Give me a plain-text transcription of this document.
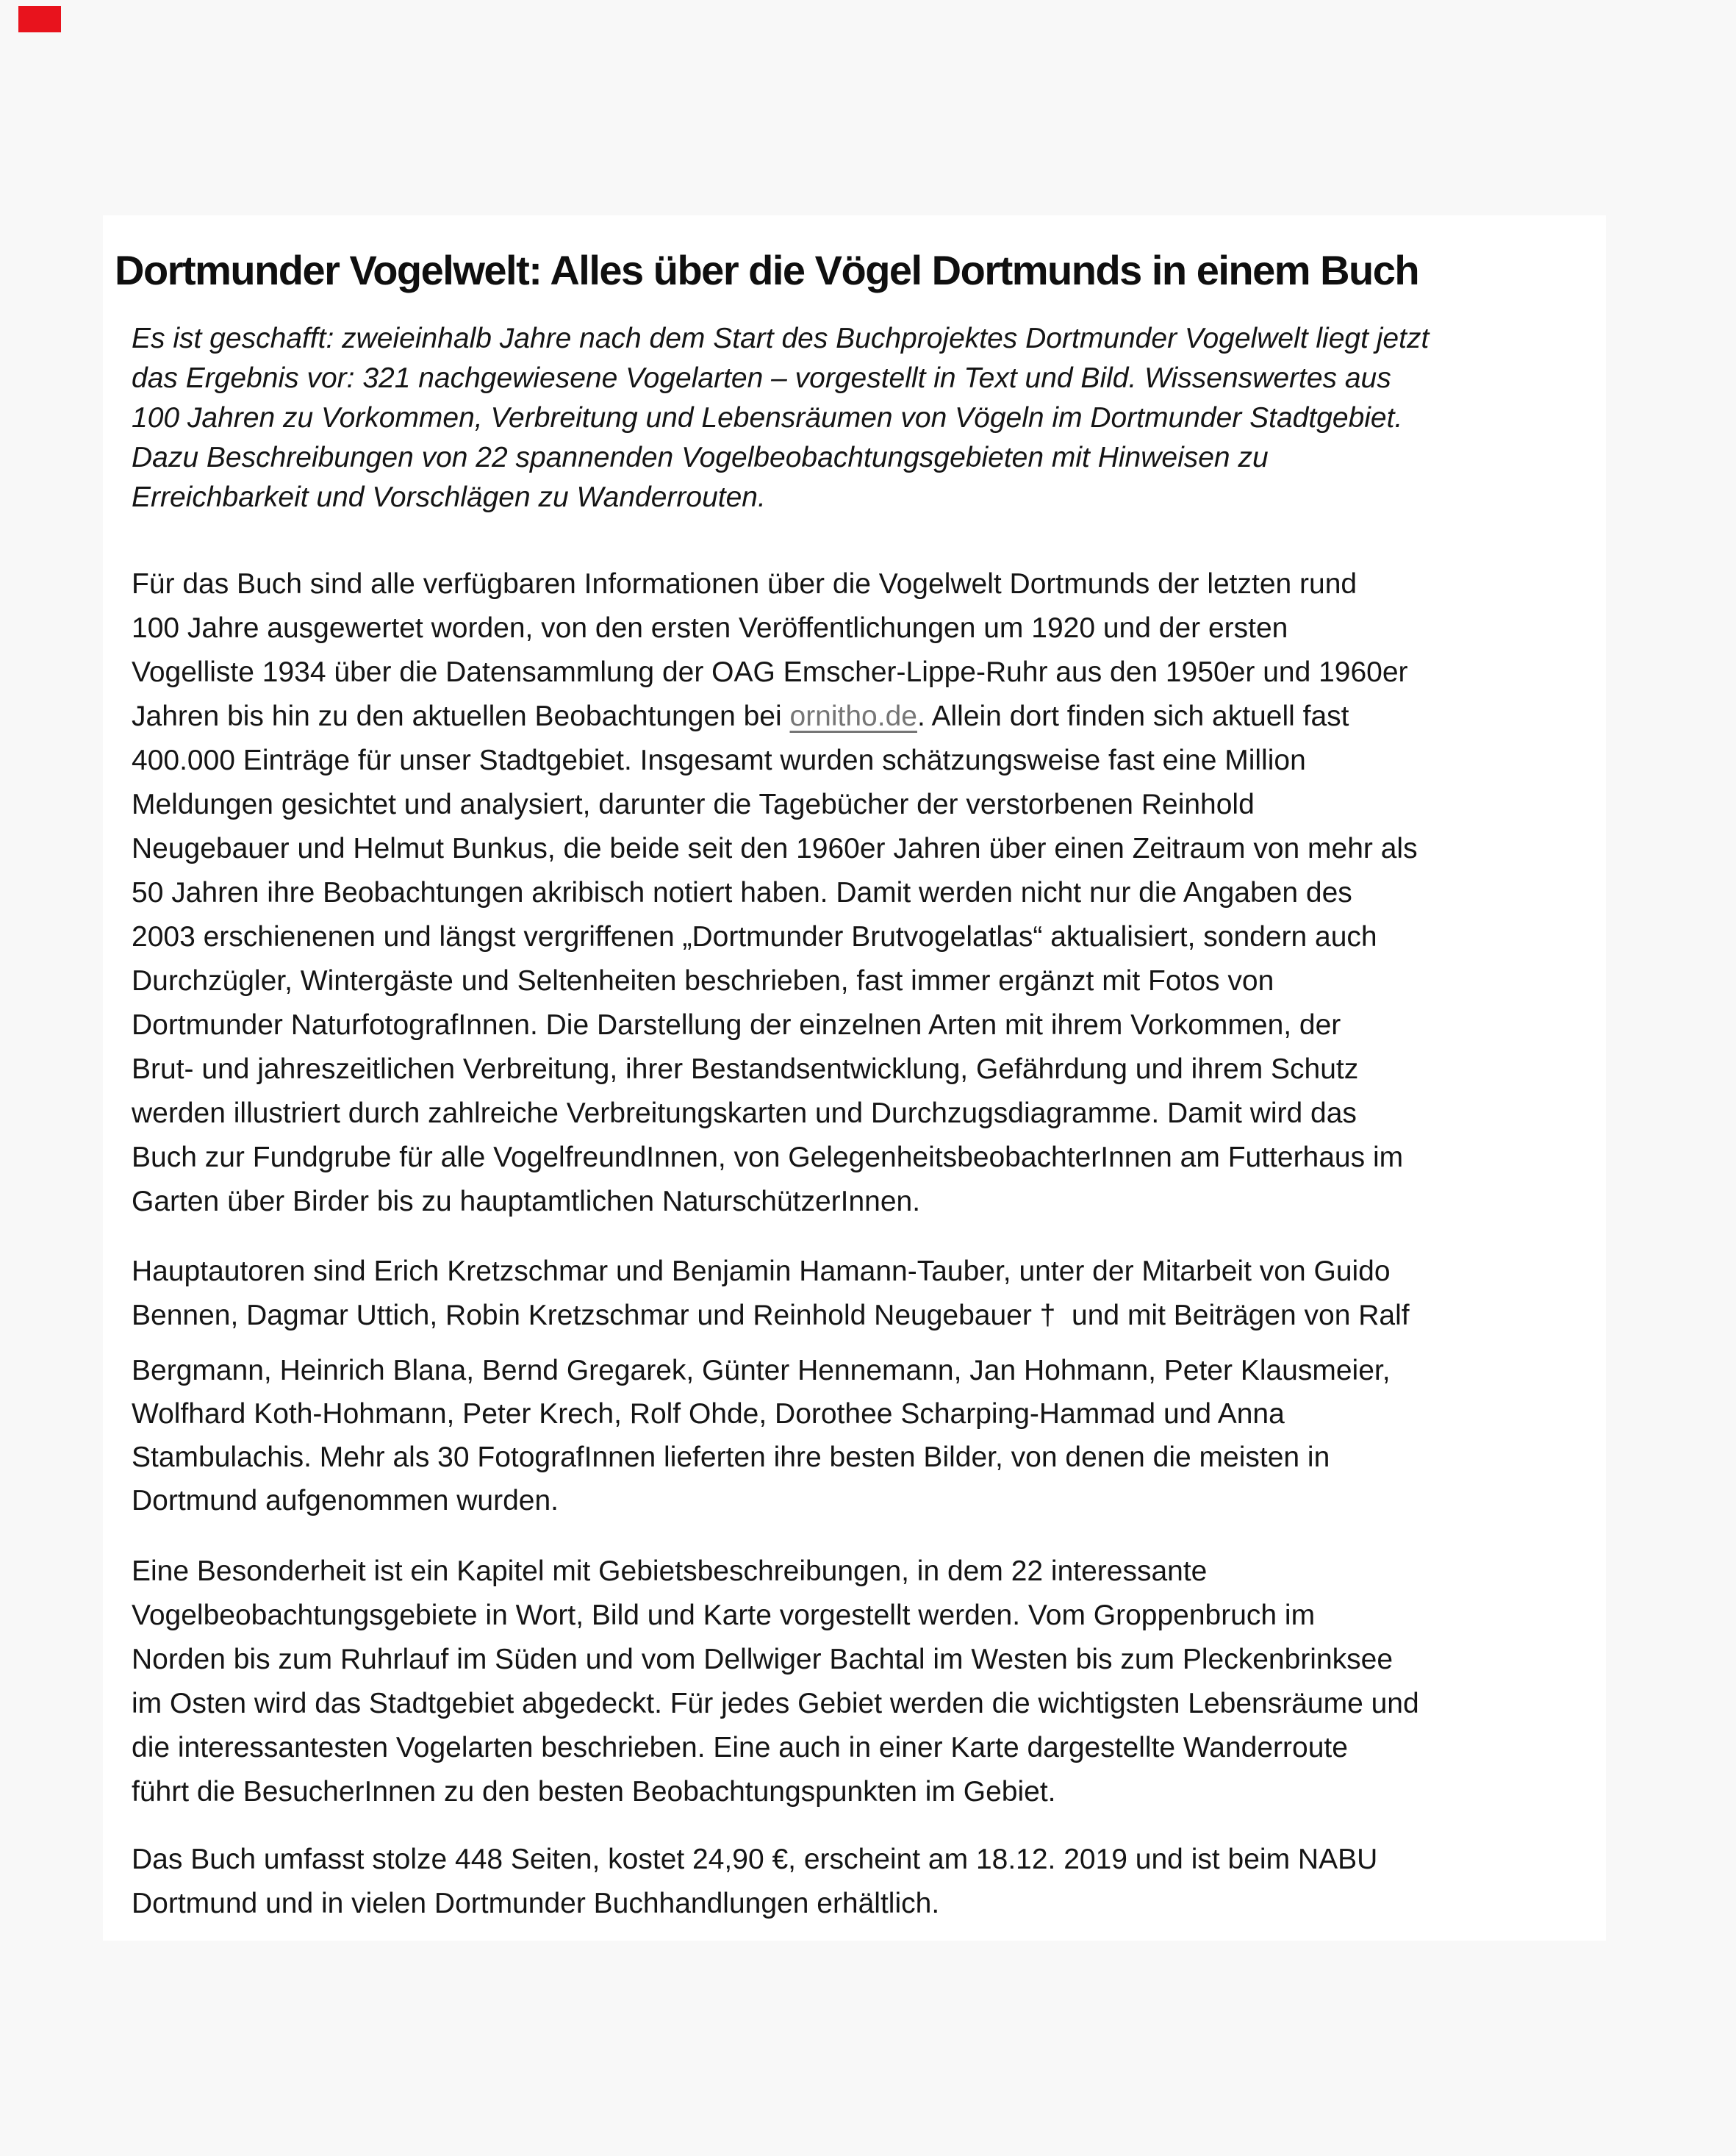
Dortmunder Vogelwelt: Alles über die Vögel Dortmunds in einem Buch
Es ist geschafft: zweieinhalb Jahre nach dem Start des Buchprojektes Dortmunder Vogelwelt liegt jetzt
das Ergebnis vor: 321 nachgewiesene Vogelarten – vorgestellt in Text und Bild. Wissenswertes aus
100 Jahren zu Vorkommen, Verbreitung und Lebensräumen von Vögeln im Dortmunder Stadtgebiet.
Dazu Beschreibungen von 22 spannenden Vogelbeobachtungsgebieten mit Hinweisen zu
Erreichbarkeit und Vorschlägen zu Wanderrouten.
Für das Buch sind alle verfügbaren Informationen über die Vogelwelt Dortmunds der letzten rund
100 Jahre ausgewertet worden, von den ersten Veröffentlichungen um 1920 und der ersten
Vogelliste 1934 über die Datensammlung der OAG Emscher-Lippe-Ruhr aus den 1950er und 1960er
Jahren bis hin zu den aktuellen Beobachtungen bei ornitho.de. Allein dort finden sich aktuell fast
400.000 Einträge für unser Stadtgebiet. Insgesamt wurden schätzungsweise fast eine Million
Meldungen gesichtet und analysiert, darunter die Tagebücher der verstorbenen Reinhold
Neugebauer und Helmut Bunkus, die beide seit den 1960er Jahren über einen Zeitraum von mehr als
50 Jahren ihre Beobachtungen akribisch notiert haben. Damit werden nicht nur die Angaben des
2003 erschienenen und längst vergriffenen „Dortmunder Brutvogelatlas“ aktualisiert, sondern auch
Durchzügler, Wintergäste und Seltenheiten beschrieben, fast immer ergänzt mit Fotos von
Dortmunder NaturfotografInnen. Die Darstellung der einzelnen Arten mit ihrem Vorkommen, der
Brut- und jahreszeitlichen Verbreitung, ihrer Bestandsentwicklung, Gefährdung und ihrem Schutz
werden illustriert durch zahlreiche Verbreitungskarten und Durchzugsdiagramme. Damit wird das
Buch zur Fundgrube für alle VogelfreundInnen, von GelegenheitsbeobachterInnen am Futterhaus im
Garten über Birder bis zu hauptamtlichen NaturschützerInnen.
Hauptautoren sind Erich Kretzschmar und Benjamin Hamann-Tauber, unter der Mitarbeit von Guido
Bennen, Dagmar Uttich, Robin Kretzschmar und Reinhold Neugebauer †  und mit Beiträgen von Ralf
Bergmann, Heinrich Blana, Bernd Gregarek, Günter Hennemann, Jan Hohmann, Peter Klausmeier,
Wolfhard Koth-Hohmann, Peter Krech, Rolf Ohde, Dorothee Scharping-Hammad und Anna
Stambulachis. Mehr als 30 FotografInnen lieferten ihre besten Bilder, von denen die meisten in
Dortmund aufgenommen wurden.
Eine Besonderheit ist ein Kapitel mit Gebietsbeschreibungen, in dem 22 interessante
Vogelbeobachtungsgebiete in Wort, Bild und Karte vorgestellt werden. Vom Groppenbruch im
Norden bis zum Ruhrlauf im Süden und vom Dellwiger Bachtal im Westen bis zum Pleckenbrinksee
im Osten wird das Stadtgebiet abgedeckt. Für jedes Gebiet werden die wichtigsten Lebensräume und
die interessantesten Vogelarten beschrieben. Eine auch in einer Karte dargestellte Wanderroute
führt die BesucherInnen zu den besten Beobachtungspunkten im Gebiet.
Das Buch umfasst stolze 448 Seiten, kostet 24,90 €, erscheint am 18.12. 2019 und ist beim NABU
Dortmund und in vielen Dortmunder Buchhandlungen erhältlich.
